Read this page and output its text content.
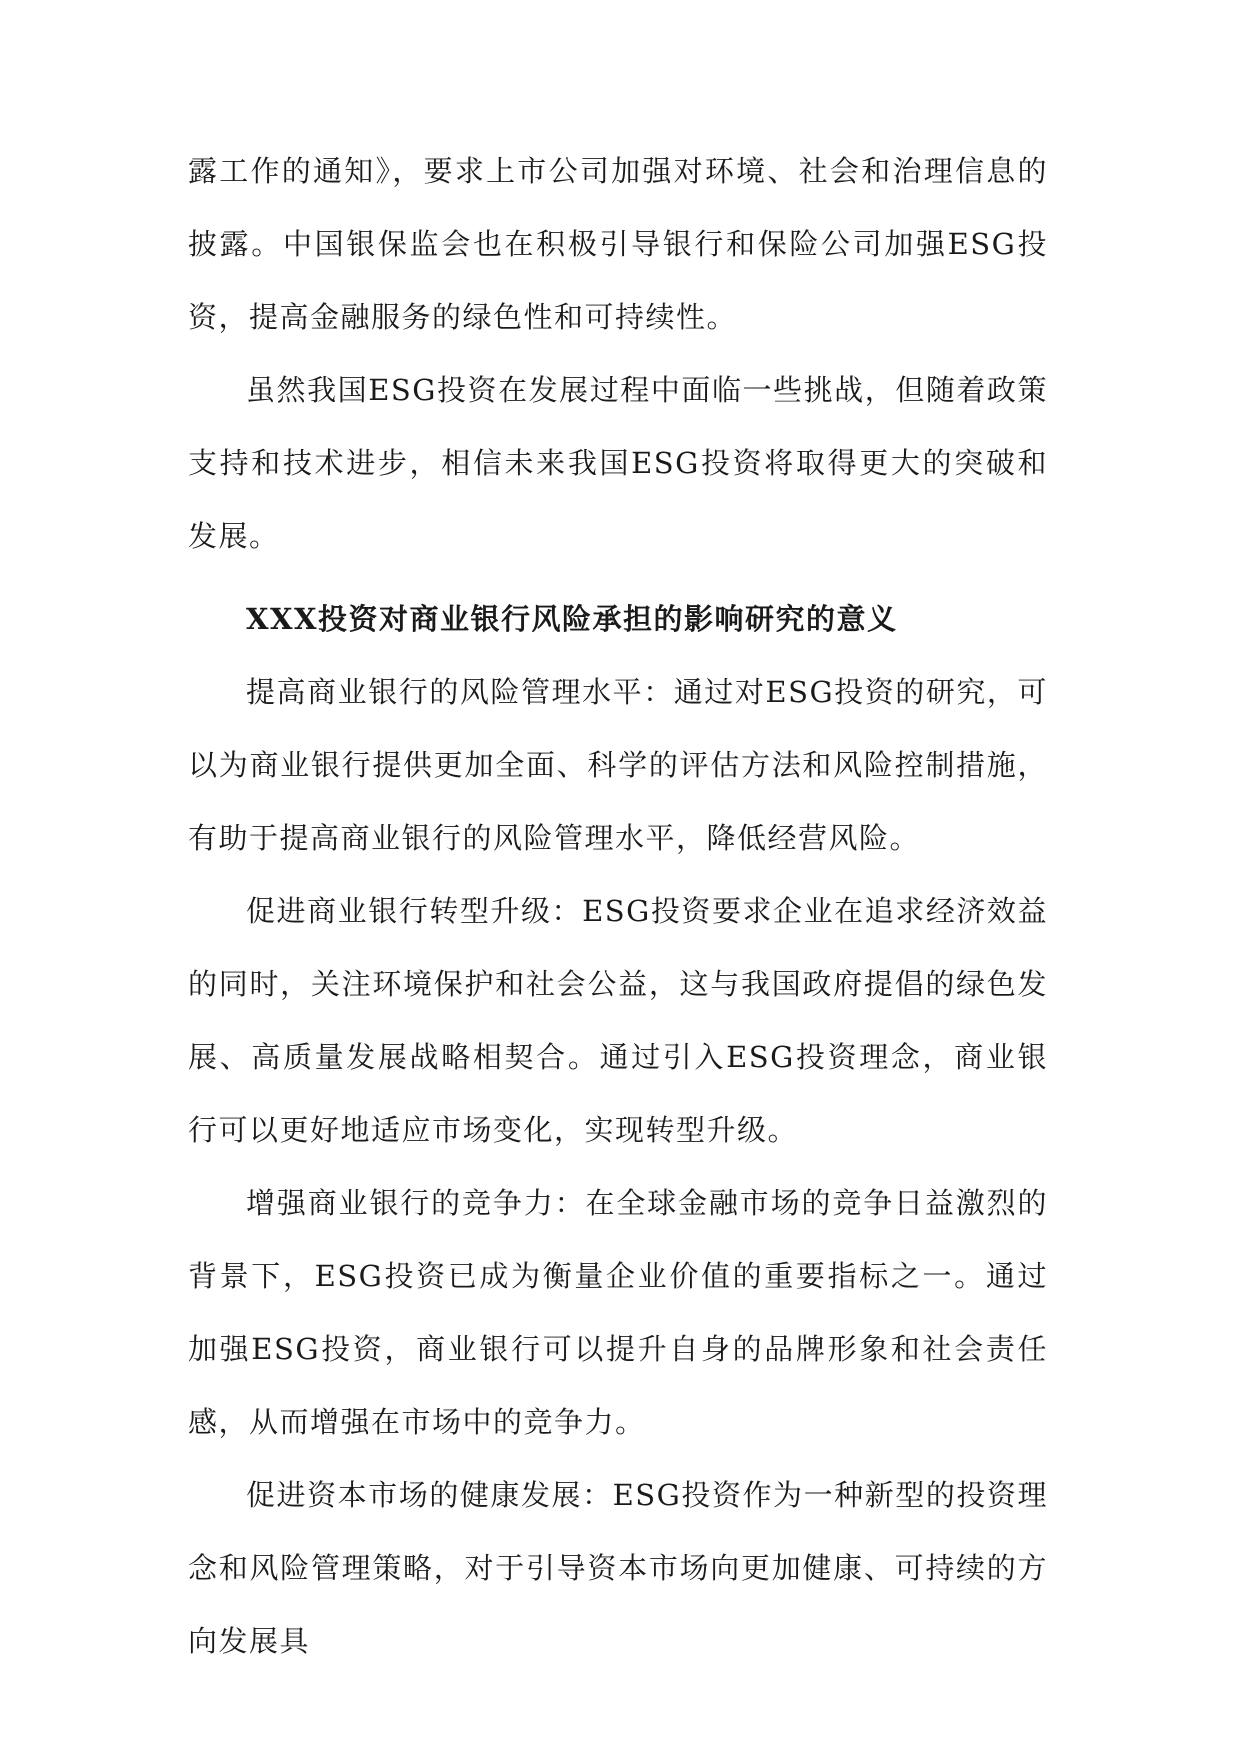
露工作的通知》，要求上市公司加强对环境、社会和治理信息的披露。中国银保监会也在积极引导银行和保险公司加强ESG投资，提高金融服务的绿色性和可持续性。

虽然我国ESG投资在发展过程中面临一些挑战，但随着政策支持和技术进步，相信未来我国ESG投资将取得更大的突破和发展。

XXX投资对商业银行风险承担的影响研究的意义

提高商业银行的风险管理水平：通过对ESG投资的研究，可以为商业银行提供更加全面、科学的评估方法和风险控制措施，有助于提高商业银行的风险管理水平，降低经营风险。

促进商业银行转型升级：ESG投资要求企业在追求经济效益的同时，关注环境保护和社会公益，这与我国政府提倡的绿色发展、高质量发展战略相契合。通过引入ESG投资理念，商业银行可以更好地适应市场变化，实现转型升级。

增强商业银行的竞争力：在全球金融市场的竞争日益激烈的背景下，ESG投资已成为衡量企业价值的重要指标之一。通过加强ESG投资，商业银行可以提升自身的品牌形象和社会责任感，从而增强在市场中的竞争力。

促进资本市场的健康发展：ESG投资作为一种新型的投资理念和风险管理策略，对于引导资本市场向更加健康、可持续的方向发展具
